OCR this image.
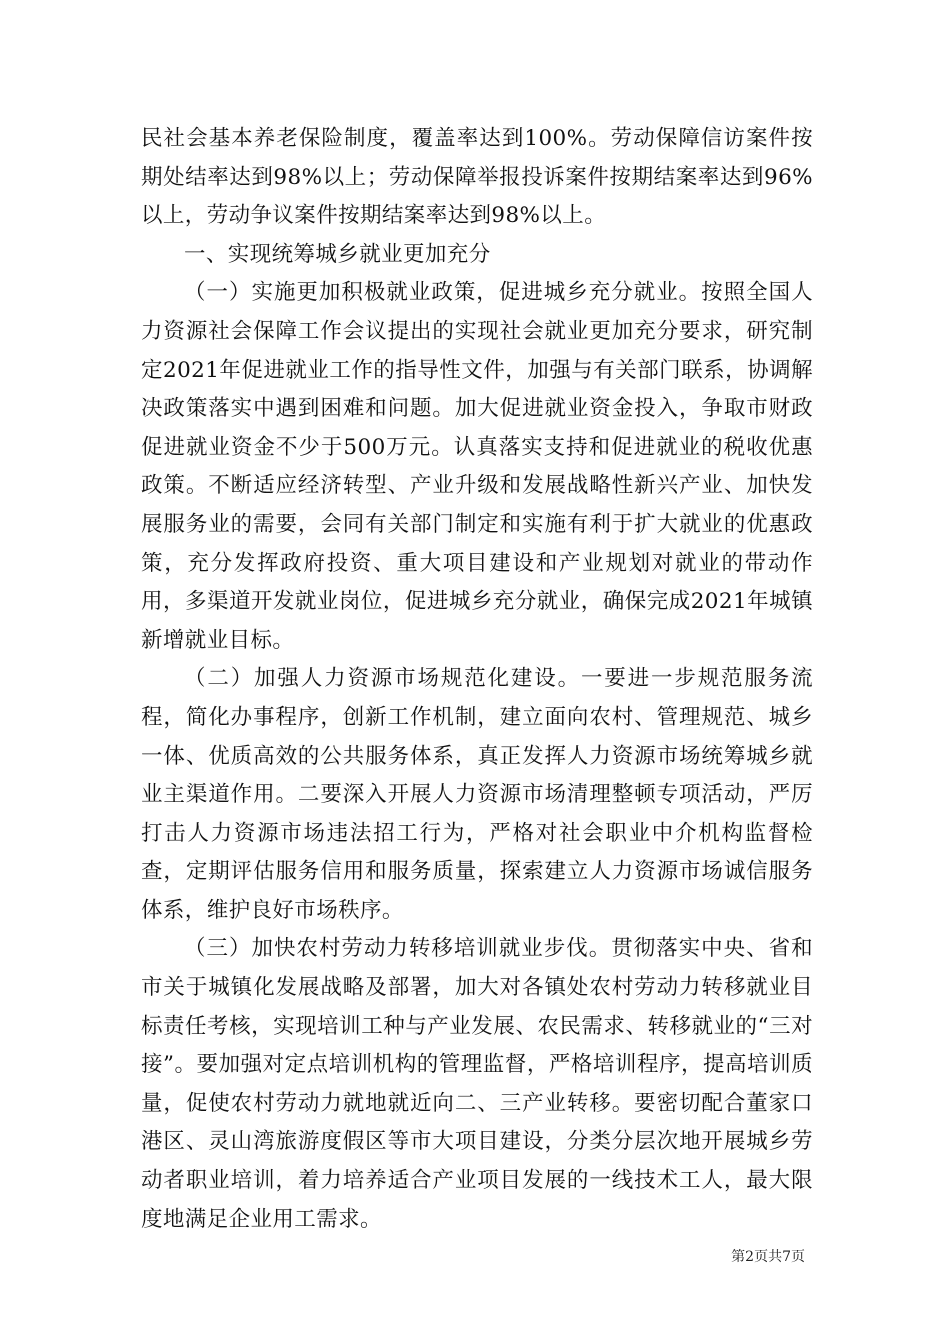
民社会基本养老保险制度，覆盖率达到100%。劳动保障信访案件按期处结率达到98%以上；劳动保障举报投诉案件按期结案率达到96%以上，劳动争议案件按期结案率达到98%以上。

一、实现统筹城乡就业更加充分

（一）实施更加积极就业政策，促进城乡充分就业。按照全国人力资源社会保障工作会议提出的实现社会就业更加充分要求，研究制定2021年促进就业工作的指导性文件，加强与有关部门联系，协调解决政策落实中遇到困难和问题。加大促进就业资金投入，争取市财政促进就业资金不少于500万元。认真落实支持和促进就业的税收优惠政策。不断适应经济转型、产业升级和发展战略性新兴产业、加快发展服务业的需要，会同有关部门制定和实施有利于扩大就业的优惠政策，充分发挥政府投资、重大项目建设和产业规划对就业的带动作用，多渠道开发就业岗位，促进城乡充分就业，确保完成2021年城镇新增就业目标。

（二）加强人力资源市场规范化建设。一要进一步规范服务流程，简化办事程序，创新工作机制，建立面向农村、管理规范、城乡一体、优质高效的公共服务体系，真正发挥人力资源市场统筹城乡就业主渠道作用。二要深入开展人力资源市场清理整顿专项活动，严厉打击人力资源市场违法招工行为，严格对社会职业中介机构监督检查，定期评估服务信用和服务质量，探索建立人力资源市场诚信服务体系，维护良好市场秩序。

（三）加快农村劳动力转移培训就业步伐。贯彻落实中央、省和市关于城镇化发展战略及部署，加大对各镇处农村劳动力转移就业目标责任考核，实现培训工种与产业发展、农民需求、转移就业的“三对接”。要加强对定点培训机构的管理监督，严格培训程序，提高培训质量，促使农村劳动力就地就近向二、三产业转移。要密切配合董家口港区、灵山湾旅游度假区等市大项目建设，分类分层次地开展城乡劳动者职业培训，着力培养适合产业项目发展的一线技术工人，最大限度地满足企业用工需求。

第2页共7页
